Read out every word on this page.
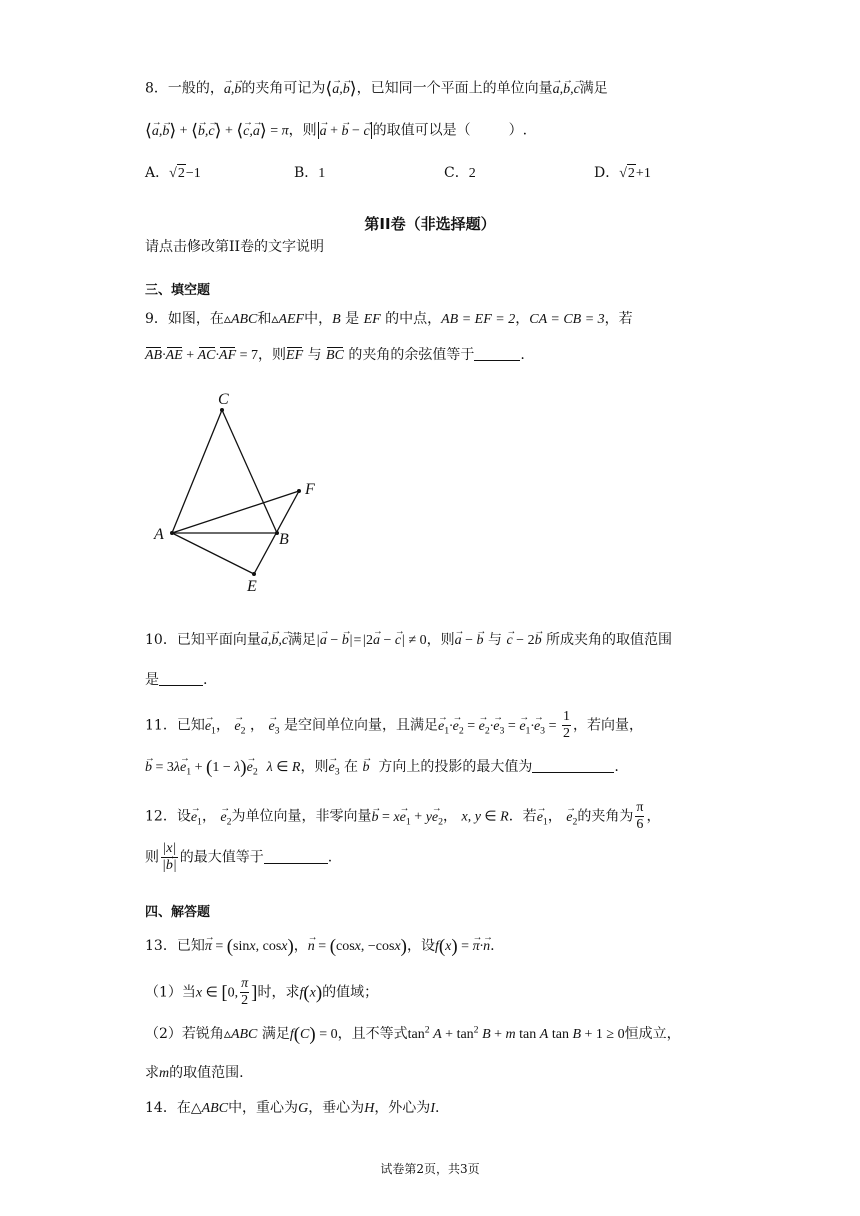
8．一般的，→ a,→ b的夹角可记为⟨→ a,→ b⟩，已知同一个平面上的单位向量→ a,→ b,→ c满足
⟨→ a,→ b⟩ + ⟨→ b,→ c⟩ + ⟨→ c,→ a⟩ = π，则 → a + → b − → c 的取值可以是（	）.
A．√2−1	B．1	C．2	D．√2+1
第II卷（非选择题）
请点击修改第II卷的文字说明
三、填空题
9．如图，在▵ABC和▵AEF中，B 是 EF 的中点，AB = EF = 2，CA = CB = 3，若
AB·AE + AC·AF = 7，则EF 与 BC 的夹角的余弦值等于	.
C
A	B
F
E
10．已知平面向量→ a,→ b,→ c满足|→ a − → b|=|2→ a − → c| ≠ 0，则→ a − → b 与 → c − 2→ b 所成夹角的取值范围
是	.
11．已知→ $e_1$， → $e_2$ ， → $e_3$ 是空间单位向量，且满足→ $e_1\cdot\to e_2$ = → $e_2\cdot\to e_3$ = → $e_1\cdot\to e_3 = \frac{1}{2}$ ，若向量，
→ $b = 3\lambda\to e_1 + (1 - \lambda)\to e_2$ λ ∈ R，则→ $e_3$ 在 → b 方向上的投影的最大值为	.
12．设→ $e_1$， → $e_2$为单位向量，非零向量→ $b = x\to e_1 + y\to e_2$， x, y ∈ R．若→ $e_1$， → $e_2$的夹角为 $\frac{\pi}{6}$ ，
则 $\frac{|x|}{|\to b|}$ 的最大值等于	.
四、解答题
13．已知→ π = (sinx, cosx)，→ n = (cosx, −cosx)，设f(x) = → π·→ n.
（1）当x ∈ [0, $\frac{\pi}{2}$ ]时，求f(x)的值域；
（2）若锐角▵ABC 满足f(C) = 0，且不等式$\tan^2 A + \tan^2 B + m$ tan A tan B + 1 ≥ 0恒成立，
求m的取值范围.
14．在△ABC中，重心为G，垂心为H，外心为I.
试卷第2页，共3页
